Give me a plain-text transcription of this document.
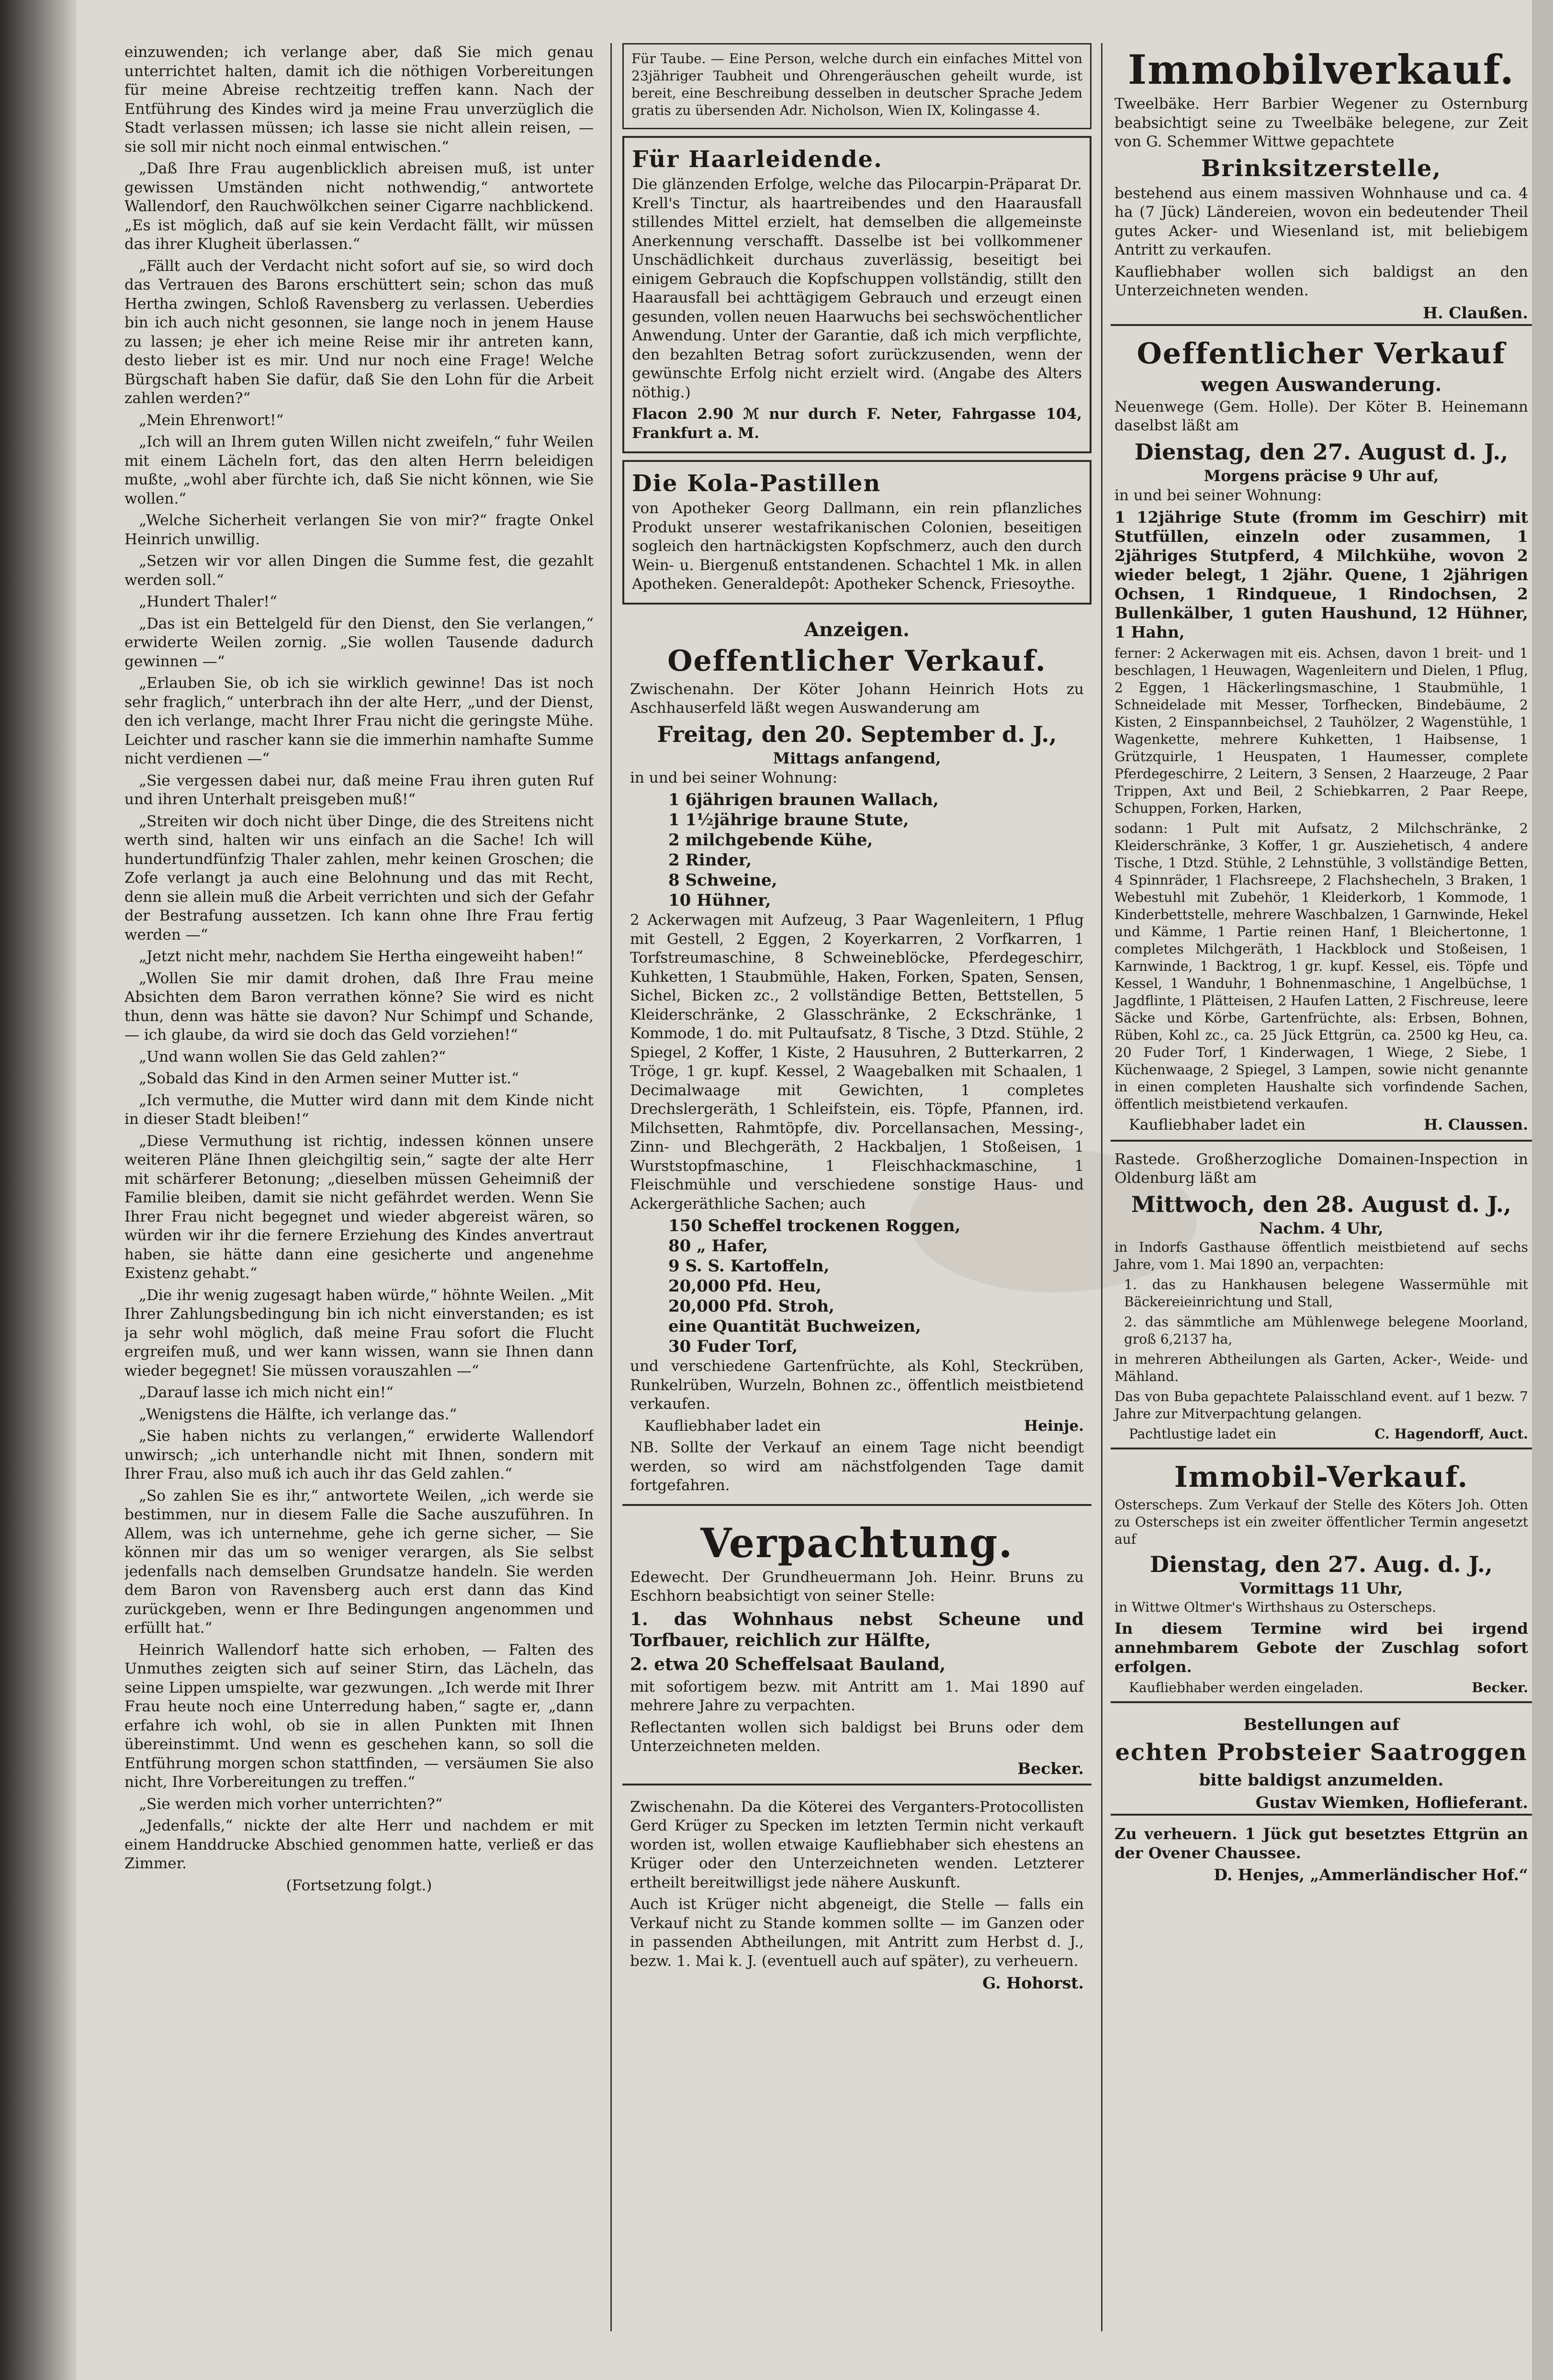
einzuwenden; ich verlange aber, daß Sie mich genau unterrichtet halten, damit ich die nöthigen Vorbereitungen für meine Abreise rechtzeitig treffen kann. Nach der Entführung des Kindes wird ja meine Frau unverzüglich die Stadt verlassen müssen; ich lasse sie nicht allein reisen, — sie soll mir nicht noch einmal entwischen.“

„Daß Ihre Frau augenblicklich abreisen muß, ist unter gewissen Umständen nicht nothwendig,“ antwortete Wallendorf, den Rauchwölkchen seiner Cigarre nachblickend. „Es ist möglich, daß auf sie kein Verdacht fällt, wir müssen das ihrer Klugheit überlassen.“

„Fällt auch der Verdacht nicht sofort auf sie, so wird doch das Vertrauen des Barons erschüttert sein; schon das muß Hertha zwingen, Schloß Ravensberg zu verlassen. Ueberdies bin ich auch nicht gesonnen, sie lange noch in jenem Hause zu lassen; je eher ich meine Reise mir ihr antreten kann, desto lieber ist es mir. Und nur noch eine Frage! Welche Bürgschaft haben Sie dafür, daß Sie den Lohn für die Arbeit zahlen werden?“

„Mein Ehrenwort!“

„Ich will an Ihrem guten Willen nicht zweifeln,“ fuhr Weilen mit einem Lächeln fort, das den alten Herrn beleidigen mußte, „wohl aber fürchte ich, daß Sie nicht können, wie Sie wollen.“

„Welche Sicherheit verlangen Sie von mir?“ fragte Onkel Heinrich unwillig.

„Setzen wir vor allen Dingen die Summe fest, die gezahlt werden soll.“

„Hundert Thaler!“

„Das ist ein Bettelgeld für den Dienst, den Sie verlangen,“ erwiderte Weilen zornig. „Sie wollen Tausende dadurch gewinnen —“

„Erlauben Sie, ob ich sie wirklich gewinne! Das ist noch sehr fraglich,“ unterbrach ihn der alte Herr, „und der Dienst, den ich verlange, macht Ihrer Frau nicht die geringste Mühe. Leichter und rascher kann sie die immerhin namhafte Summe nicht verdienen —“

„Sie vergessen dabei nur, daß meine Frau ihren guten Ruf und ihren Unterhalt preisgeben muß!“

„Streiten wir doch nicht über Dinge, die des Streitens nicht werth sind, halten wir uns einfach an die Sache! Ich will hundertundfünfzig Thaler zahlen, mehr keinen Groschen; die Zofe verlangt ja auch eine Belohnung und das mit Recht, denn sie allein muß die Arbeit verrichten und sich der Gefahr der Bestrafung aussetzen. Ich kann ohne Ihre Frau fertig werden —“

„Jetzt nicht mehr, nachdem Sie Hertha eingeweiht haben!“

„Wollen Sie mir damit drohen, daß Ihre Frau meine Absichten dem Baron verrathen könne? Sie wird es nicht thun, denn was hätte sie davon? Nur Schimpf und Schande, — ich glaube, da wird sie doch das Geld vorziehen!“

„Und wann wollen Sie das Geld zahlen?“

„Sobald das Kind in den Armen seiner Mutter ist.“

„Ich vermuthe, die Mutter wird dann mit dem Kinde nicht in dieser Stadt bleiben!“

„Diese Vermuthung ist richtig, indessen können unsere weiteren Pläne Ihnen gleichgiltig sein,“ sagte der alte Herr mit schärferer Betonung; „dieselben müssen Geheimniß der Familie bleiben, damit sie nicht gefährdet werden. Wenn Sie Ihrer Frau nicht begegnet und wieder abgereist wären, so würden wir ihr die fernere Erziehung des Kindes anvertraut haben, sie hätte dann eine gesicherte und angenehme Existenz gehabt.“

„Die ihr wenig zugesagt haben würde,“ höhnte Weilen. „Mit Ihrer Zahlungsbedingung bin ich nicht einverstanden; es ist ja sehr wohl möglich, daß meine Frau sofort die Flucht ergreifen muß, und wer kann wissen, wann sie Ihnen dann wieder begegnet! Sie müssen vorauszahlen —“

„Darauf lasse ich mich nicht ein!“

„Wenigstens die Hälfte, ich verlange das.“

„Sie haben nichts zu verlangen,“ erwiderte Wallendorf unwirsch; „ich unterhandle nicht mit Ihnen, sondern mit Ihrer Frau, also muß ich auch ihr das Geld zahlen.“

„So zahlen Sie es ihr,“ antwortete Weilen, „ich werde sie bestimmen, nur in diesem Falle die Sache auszuführen. In Allem, was ich unternehme, gehe ich gerne sicher, — Sie können mir das um so weniger verargen, als Sie selbst jedenfalls nach demselben Grundsatze handeln. Sie werden dem Baron von Ravensberg auch erst dann das Kind zurückgeben, wenn er Ihre Bedingungen angenommen und erfüllt hat.“

Heinrich Wallendorf hatte sich erhoben, — Falten des Unmuthes zeigten sich auf seiner Stirn, das Lächeln, das seine Lippen umspielte, war gezwungen. „Ich werde mit Ihrer Frau heute noch eine Unterredung haben,“ sagte er, „dann erfahre ich wohl, ob sie in allen Punkten mit Ihnen übereinstimmt. Und wenn es geschehen kann, so soll die Entführung morgen schon stattfinden, — versäumen Sie also nicht, Ihre Vorbereitungen zu treffen.“

„Sie werden mich vorher unterrichten?“

„Jedenfalls,“ nickte der alte Herr und nachdem er mit einem Handdrucke Abschied genommen hatte, verließ er das Zimmer.

(Fortsetzung folgt.)

Für Taube. — Eine Person, welche durch ein einfaches Mittel von 23jähriger Taubheit und Ohrengeräuschen geheilt wurde, ist bereit, eine Beschreibung desselben in deutscher Sprache Jedem gratis zu übersenden Adr. Nicholson, Wien IX, Kolingasse 4.

Für Haarleidende.

Die glänzenden Erfolge, welche das Pilocarpin-Präparat Dr. Krell's Tinctur, als haartreibendes und den Haarausfall stillendes Mittel erzielt, hat demselben die allgemeinste Anerkennung verschafft. Dasselbe ist bei vollkommener Unschädlichkeit durchaus zuverlässig, beseitigt bei einigem Gebrauch die Kopfschuppen vollständig, stillt den Haarausfall bei achttägigem Gebrauch und erzeugt einen gesunden, vollen neuen Haarwuchs bei sechswöchentlicher Anwendung. Unter der Garantie, daß ich mich verpflichte, den bezahlten Betrag sofort zurückzusenden, wenn der gewünschte Erfolg nicht erzielt wird. (Angabe des Alters nöthig.)

Flacon 2.90 ℳ nur durch F. Neter, Fahrgasse 104, Frankfurt a. M.

Die Kola-Pastillen

von Apotheker Georg Dallmann, ein rein pflanzliches Produkt unserer westafrikanischen Colonien, beseitigen sogleich den hartnäckigsten Kopfschmerz, auch den durch Wein- u. Biergenuß entstandenen. Schachtel 1 Mk. in allen Apotheken. Generaldepôt: Apotheker Schenck, Friesoythe.

Anzeigen.
Oeffentlicher Verkauf.

Zwischenahn. Der Köter Johann Heinrich Hots zu Aschhauserfeld läßt wegen Auswanderung am

Freitag, den 20. September d. J.,
Mittags anfangend,

in und bei seiner Wohnung:

1 6jährigen braunen Wallach,
1 1½jährige braune Stute,
2 milchgebende Kühe,
2 Rinder,
8 Schweine,
10 Hühner,

2 Ackerwagen mit Aufzeug, 3 Paar Wagenleitern, 1 Pflug mit Gestell, 2 Eggen, 2 Koyerkarren, 2 Vorfkarren, 1 Torfstreumaschine, 8 Schweineblöcke, Pferdegeschirr, Kuhketten, 1 Staubmühle, Haken, Forken, Spaten, Sensen, Sichel, Bicken zc., 2 vollständige Betten, Bettstellen, 5 Kleiderschränke, 2 Glasschränke, 2 Eckschränke, 1 Kommode, 1 do. mit Pultaufsatz, 8 Tische, 3 Dtzd. Stühle, 2 Spiegel, 2 Koffer, 1 Kiste, 2 Hausuhren, 2 Butterkarren, 2 Tröge, 1 gr. kupf. Kessel, 2 Waagebalken mit Schaalen, 1 Decimalwaage mit Gewichten, 1 completes Drechslergeräth, 1 Schleifstein, eis. Töpfe, Pfannen, ird. Milchsetten, Rahmtöpfe, div. Porcellansachen, Messing-, Zinn- und Blechgeräth, 2 Hackbaljen, 1 Stoßeisen, 1 Wurststopfmaschine, 1 Fleischhackmaschine, 1 Fleischmühle und verschiedene sonstige Haus- und Ackergeräthliche Sachen; auch

150 Scheffel trockenen Roggen,
80 „ Hafer,
9 S. S. Kartoffeln,
20,000 Pfd. Heu,
20,000 Pfd. Stroh,
eine Quantität Buchweizen,
30 Fuder Torf,

und verschiedene Gartenfrüchte, als Kohl, Steckrüben, Runkelrüben, Wurzeln, Bohnen zc., öffentlich meistbietend verkaufen.

Kaufliebhaber ladet ein	Heinje.

NB. Sollte der Verkauf an einem Tage nicht beendigt werden, so wird am nächstfolgenden Tage damit fortgefahren.

Verpachtung.

Edewecht. Der Grundheuermann Joh. Heinr. Bruns zu Eschhorn beabsichtigt von seiner Stelle:

1. das Wohnhaus nebst Scheune und Torfbauer, reichlich zur Hälfte,

2. etwa 20 Scheffelsaat Bauland,

mit sofortigem bezw. mit Antritt am 1. Mai 1890 auf mehrere Jahre zu verpachten.

Reflectanten wollen sich baldigst bei Bruns oder dem Unterzeichneten melden.

Becker.

Zwischenahn. Da die Köterei des Verganters-Protocollisten Gerd Krüger zu Specken im letzten Termin nicht verkauft worden ist, wollen etwaige Kaufliebhaber sich ehestens an Krüger oder den Unterzeichneten wenden. Letzterer ertheilt bereitwilligst jede nähere Auskunft.

Auch ist Krüger nicht abgeneigt, die Stelle — falls ein Verkauf nicht zu Stande kommen sollte — im Ganzen oder in passenden Abtheilungen, mit Antritt zum Herbst d. J., bezw. 1. Mai k. J. (eventuell auch auf später), zu verheuern.

G. Hohorst.
Immobilverkauf.

Tweelbäke. Herr Barbier Wegener zu Osternburg beabsichtigt seine zu Tweelbäke belegene, zur Zeit von G. Schemmer Wittwe gepachtete

Brinksitzerstelle,

bestehend aus einem massiven Wohnhause und ca. 4 ha (7 Jück) Ländereien, wovon ein bedeutender Theil gutes Acker- und Wiesenland ist, mit beliebigem Antritt zu verkaufen.

Kaufliebhaber wollen sich baldigst an den Unterzeichneten wenden.

H. Claußen.
Oeffentlicher Verkauf
wegen Auswanderung.

Neuenwege (Gem. Holle). Der Köter B. Heinemann daselbst läßt am

Dienstag, den 27. August d. J.,
Morgens präcise 9 Uhr auf,

in und bei seiner Wohnung:

1 12jährige Stute (fromm im Geschirr) mit Stutfüllen, einzeln oder zusammen, 1 2jähriges Stutpferd, 4 Milchkühe, wovon 2 wieder belegt, 1 2jähr. Quene, 1 2jährigen Ochsen, 1 Rindqueue, 1 Rindochsen, 2 Bullenkälber, 1 guten Haushund, 12 Hühner, 1 Hahn,

ferner: 2 Ackerwagen mit eis. Achsen, davon 1 breit- und 1 beschlagen, 1 Heuwagen, Wagenleitern und Dielen, 1 Pflug, 2 Eggen, 1 Häckerlingsmaschine, 1 Staubmühle, 1 Schneidelade mit Messer, Torfhecken, Bindebäume, 2 Kisten, 2 Einspannbeichsel, 2 Tauhölzer, 2 Wagenstühle, 1 Wagenkette, mehrere Kuhketten, 1 Haibsense, 1 Grützquirle, 1 Heuspaten, 1 Haumesser, complete Pferdegeschirre, 2 Leitern, 3 Sensen, 2 Haarzeuge, 2 Paar Trippen, Axt und Beil, 2 Schiebkarren, 2 Paar Reepe, Schuppen, Forken, Harken,

sodann: 1 Pult mit Aufsatz, 2 Milchschränke, 2 Kleiderschränke, 3 Koffer, 1 gr. Ausziehetisch, 4 andere Tische, 1 Dtzd. Stühle, 2 Lehnstühle, 3 vollständige Betten, 4 Spinnräder, 1 Flachsreepe, 2 Flachshecheln, 3 Braken, 1 Webestuhl mit Zubehör, 1 Kleiderkorb, 1 Kommode, 1 Kinderbettstelle, mehrere Waschbalzen, 1 Garnwinde, Hekel und Kämme, 1 Partie reinen Hanf, 1 Bleichertonne, 1 completes Milchgeräth, 1 Hackblock und Stoßeisen, 1 Karnwinde, 1 Backtrog, 1 gr. kupf. Kessel, eis. Töpfe und Kessel, 1 Wanduhr, 1 Bohnenmaschine, 1 Angelbüchse, 1 Jagdflinte, 1 Plätteisen, 2 Haufen Latten, 2 Fischreuse, leere Säcke und Körbe, Gartenfrüchte, als: Erbsen, Bohnen, Rüben, Kohl zc., ca. 25 Jück Ettgrün, ca. 2500 kg Heu, ca. 20 Fuder Torf, 1 Kinderwagen, 1 Wiege, 2 Siebe, 1 Küchenwaage, 2 Spiegel, 3 Lampen, sowie nicht genannte in einen completen Haushalte sich vorfindende Sachen, öffentlich meistbietend verkaufen.

Kaufliebhaber ladet ein	H. Claussen.

Rastede. Großherzogliche Domainen-Inspection in Oldenburg läßt am

Mittwoch, den 28. August d. J.,
Nachm. 4 Uhr,

in Indorfs Gasthause öffentlich meistbietend auf sechs Jahre, vom 1. Mai 1890 an, verpachten:

1. das zu Hankhausen belegene Wassermühle mit Bäckereieinrichtung und Stall,

2. das sämmtliche am Mühlenwege belegene Moorland, groß 6,2137 ha,

in mehreren Abtheilungen als Garten, Acker-, Weide- und Mähland.

Das von Buba gepachtete Palaisschland event. auf 1 bezw. 7 Jahre zur Mitverpachtung gelangen.

Pachtlustige ladet ein	C. Hagendorff, Auct.

Immobil-Verkauf.

Osterscheps. Zum Verkauf der Stelle des Köters Joh. Otten zu Osterscheps ist ein zweiter öffentlicher Termin angesetzt auf

Dienstag, den 27. Aug. d. J.,
Vormittags 11 Uhr,

in Wittwe Oltmer's Wirthshaus zu Osterscheps.

In diesem Termine wird bei irgend annehmbarem Gebote der Zuschlag sofort erfolgen.

Kaufliebhaber werden eingeladen.	Becker.

Bestellungen auf
echten Probsteier Saatroggen
bitte baldigst anzumelden.
Gustav Wiemken, Hoflieferant.

Zu verheuern. 1 Jück gut besetztes Ettgrün an der Ovener Chaussee.

D. Henjes, „Ammerländischer Hof.“
